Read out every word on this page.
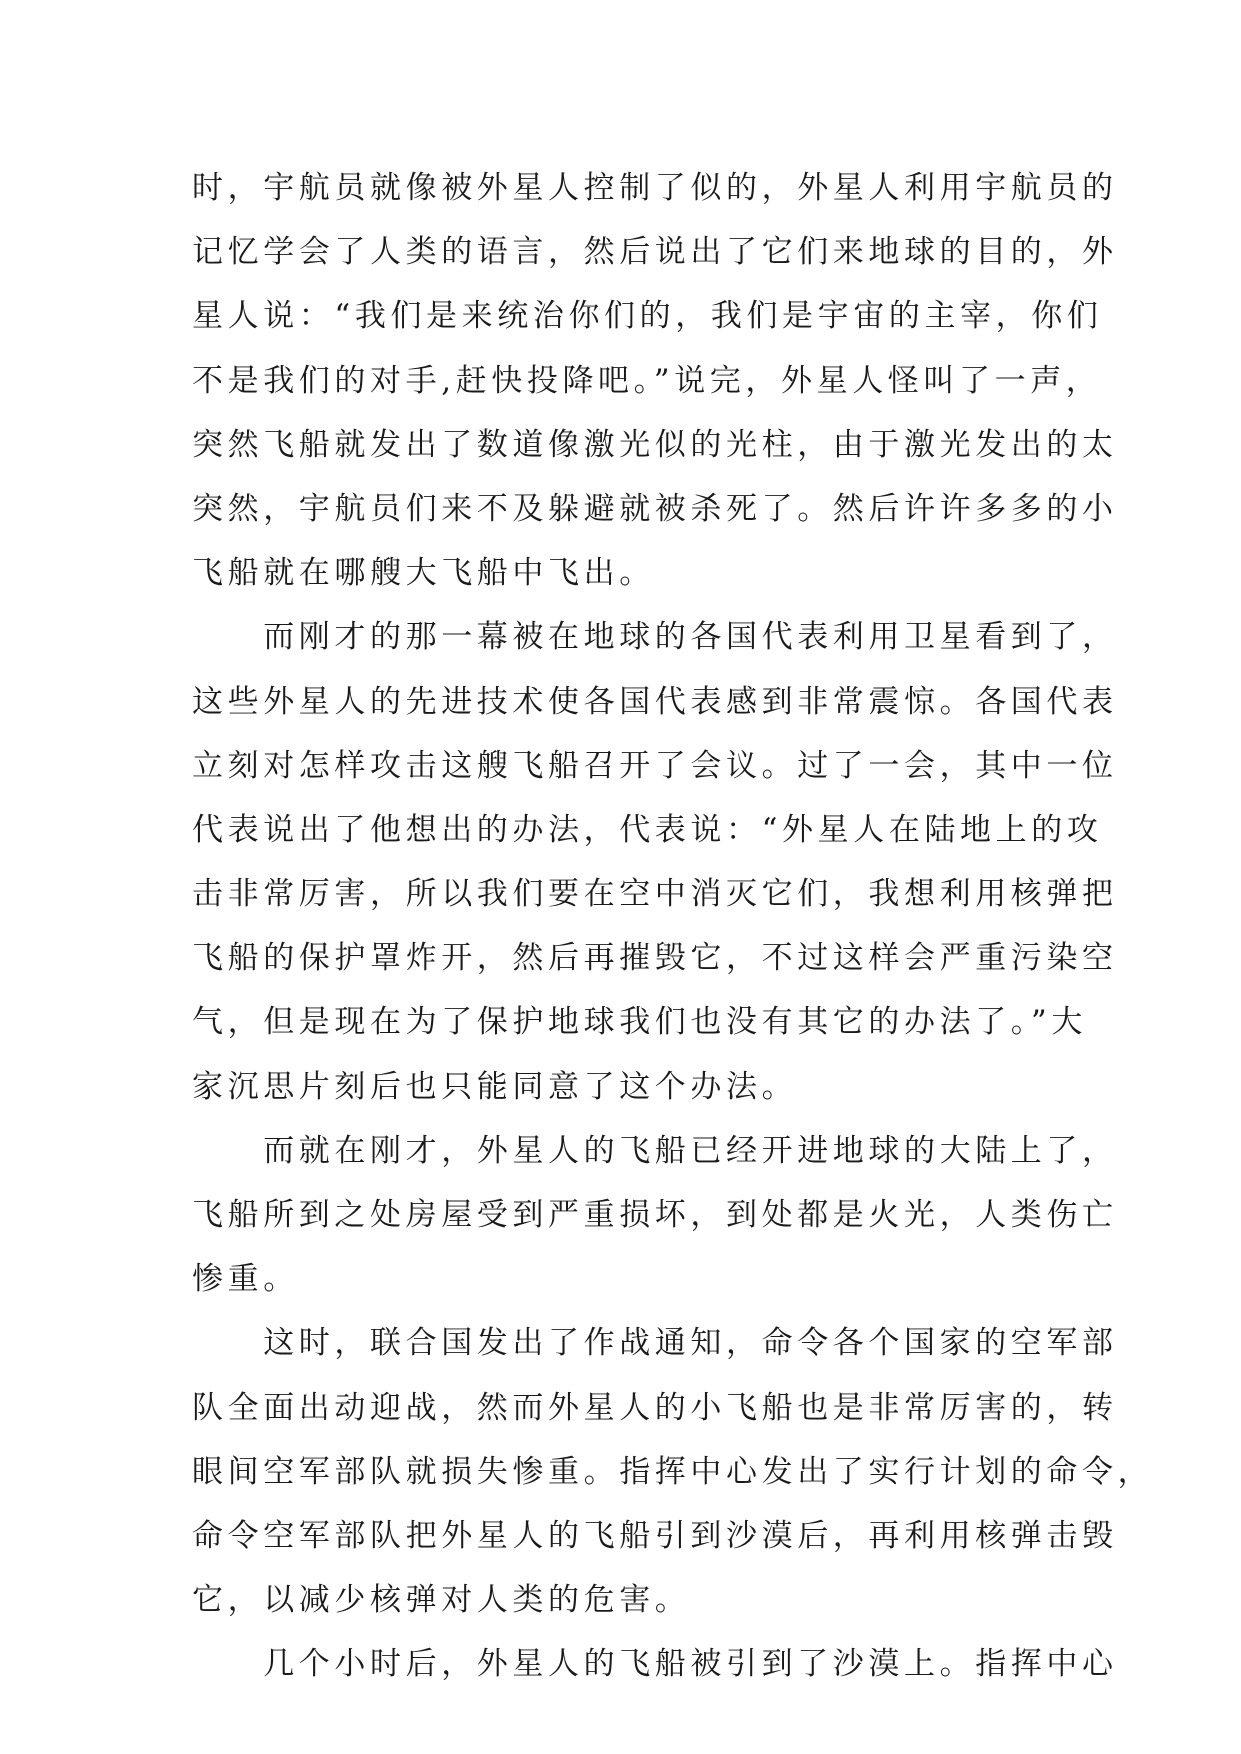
时，宇航员就像被外星人控制了似的，外星人利用宇航员的
记忆学会了人类的语言，然后说出了它们来地球的目的，外
星人说：“我们是来统治你们的，我们是宇宙的主宰，你们
不是我们的对手,赶快投降吧。”说完，外星人怪叫了一声，
突然飞船就发出了数道像激光似的光柱，由于激光发出的太
突然，宇航员们来不及躲避就被杀死了。然后许许多多的小
飞船就在哪艘大飞船中飞出。
　　而刚才的那一幕被在地球的各国代表利用卫星看到了，
这些外星人的先进技术使各国代表感到非常震惊。各国代表
立刻对怎样攻击这艘飞船召开了会议。过了一会，其中一位
代表说出了他想出的办法，代表说：“外星人在陆地上的攻
击非常厉害，所以我们要在空中消灭它们，我想利用核弹把
飞船的保护罩炸开，然后再摧毁它，不过这样会严重污染空
气，但是现在为了保护地球我们也没有其它的办法了。”大
家沉思片刻后也只能同意了这个办法。
　　而就在刚才，外星人的飞船已经开进地球的大陆上了，
飞船所到之处房屋受到严重损坏，到处都是火光，人类伤亡
惨重。
　　这时，联合国发出了作战通知，命令各个国家的空军部
队全面出动迎战，然而外星人的小飞船也是非常厉害的，转
眼间空军部队就损失惨重。指挥中心发出了实行计划的命令，
命令空军部队把外星人的飞船引到沙漠后，再利用核弹击毁
它，以减少核弹对人类的危害。
　　几个小时后，外星人的飞船被引到了沙漠上。指挥中心
